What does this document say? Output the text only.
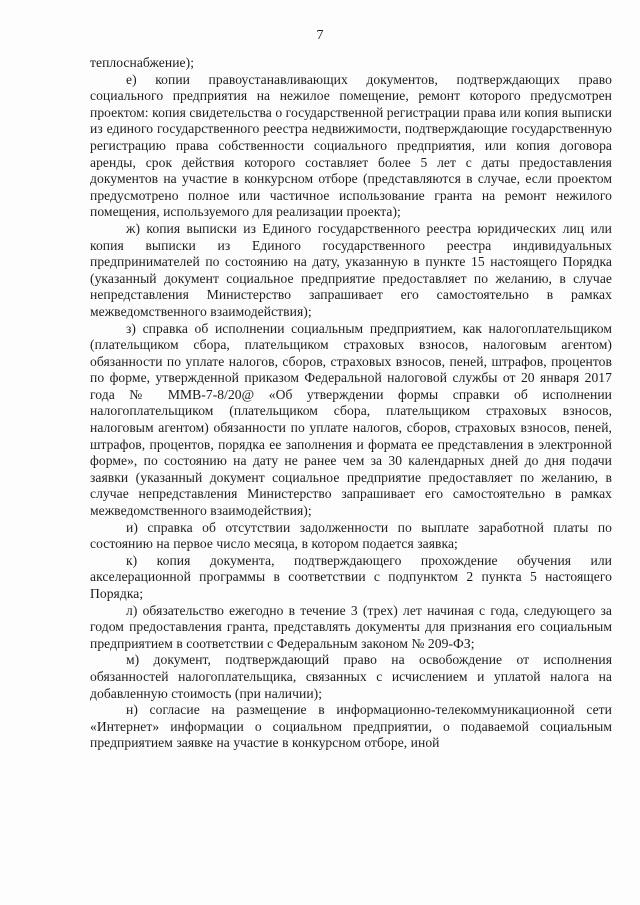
7

теплоснабжение);

е) копии правоустанавливающих документов, подтверждающих право социального предприятия на нежилое помещение, ремонт которого предусмотрен проектом: копия свидетельства о государственной регистрации права или копия выписки из единого государственного реестра недвижимости, подтверждающие государственную регистрацию права собственности социального предприятия, или копия договора аренды, срок действия которого составляет более 5 лет с даты предоставления документов на участие в конкурсном отборе (представляются в случае, если проектом предусмотрено полное или частичное использование гранта на ремонт нежилого помещения, используемого для реализации проекта);

ж) копия выписки из Единого государственного реестра юридических лиц или копия выписки из Единого государственного реестра индивидуальных предпринимателей по состоянию на дату, указанную в пункте 15 настоящего Порядка (указанный документ социальное предприятие предоставляет по желанию, в случае непредставления Министерство запрашивает его самостоятельно в рамках межведомственного взаимодействия);

з) справка об исполнении социальным предприятием, как налогоплательщиком (плательщиком сбора, плательщиком страховых взносов, налоговым агентом) обязанности по уплате налогов, сборов, страховых взносов, пеней, штрафов, процентов по форме, утвержденной приказом Федеральной налоговой службы от 20 января 2017 года № ММВ-7-8/20@ «Об утверждении формы справки об исполнении налогоплательщиком (плательщиком сбора, плательщиком страховых взносов, налоговым агентом) обязанности по уплате налогов, сборов, страховых взносов, пеней, штрафов, процентов, порядка ее заполнения и формата ее представления в электронной форме», по состоянию на дату не ранее чем за 30 календарных дней до дня подачи заявки (указанный документ социальное предприятие предоставляет по желанию, в случае непредставления Министерство запрашивает его самостоятельно в рамках межведомственного взаимодействия);

и) справка об отсутствии задолженности по выплате заработной платы по состоянию на первое число месяца, в котором подается заявка;

к) копия документа, подтверждающего прохождение обучения или акселерационной программы в соответствии с подпунктом 2 пункта 5 настоящего Порядка;

л) обязательство ежегодно в течение 3 (трех) лет начиная с года, следующего за годом предоставления гранта, представлять документы для признания его социальным предприятием в соответствии с Федеральным законом № 209-ФЗ;

м) документ, подтверждающий право на освобождение от исполнения обязанностей налогоплательщика, связанных с исчислением и уплатой налога на добавленную стоимость (при наличии);

н) согласие на размещение в информационно-телекоммуникационной сети «Интернет» информации о социальном предприятии, о подаваемой социальным предприятием заявке на участие в конкурсном отборе, иной
